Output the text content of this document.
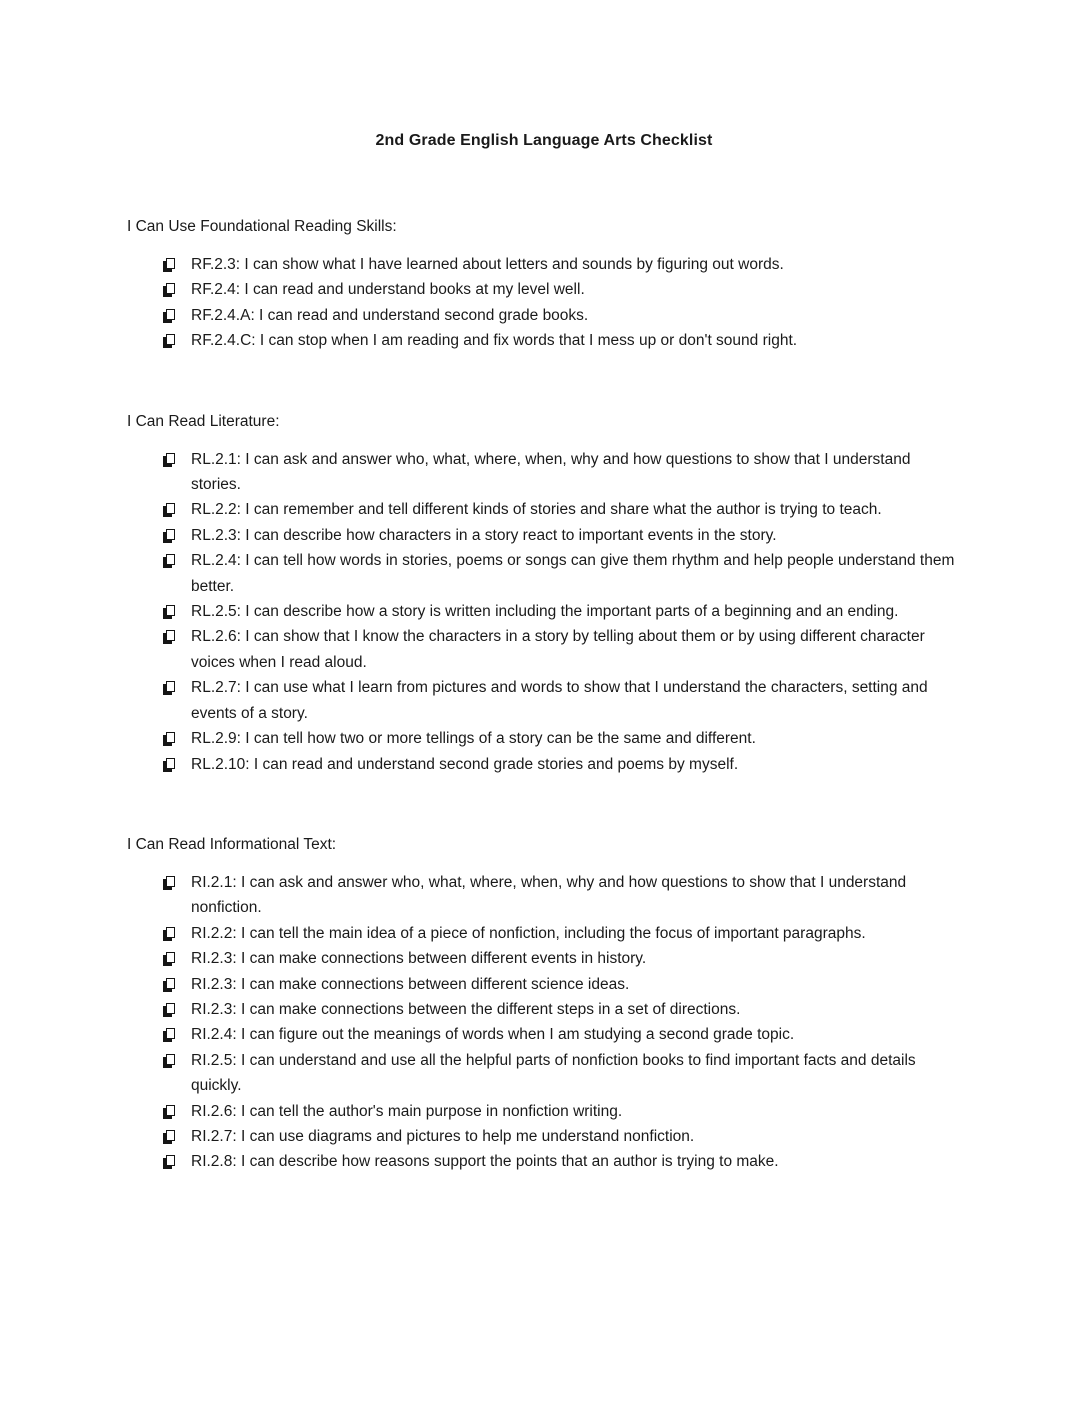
2nd Grade English Language Arts Checklist
I Can Use Foundational Reading Skills:
RF.2.3: I can show what I have learned about letters and sounds by figuring out words.
RF.2.4: I can read and understand books at my level well.
RF.2.4.A: I can read and understand second grade books.
RF.2.4.C: I can stop when I am reading and fix words that I mess up or don't sound right.
I Can Read Literature:
RL.2.1: I can ask and answer who, what, where, when, why and how questions to show that I understand stories.
RL.2.2: I can remember and tell different kinds of stories and share what the author is trying to teach.
RL.2.3: I can describe how characters in a story react to important events in the story.
RL.2.4: I can tell how words in stories, poems or songs can give them rhythm and help people understand them better.
RL.2.5: I can describe how a story is written including the important parts of a beginning and an ending.
RL.2.6: I can show that I know the characters in a story by telling about them or by using different character voices when I read aloud.
RL.2.7: I can use what I learn from pictures and words to show that I understand the characters, setting and events of a story.
RL.2.9: I can tell how two or more tellings of a story can be the same and different.
RL.2.10: I can read and understand second grade stories and poems by myself.
I Can Read Informational Text:
RI.2.1: I can ask and answer who, what, where, when, why and how questions to show that I understand nonfiction.
RI.2.2: I can tell the main idea of a piece of nonfiction, including the focus of important paragraphs.
RI.2.3: I can make connections between different events in history.
RI.2.3: I can make connections between different science ideas.
RI.2.3: I can make connections between the different steps in a set of directions.
RI.2.4: I can figure out the meanings of words when I am studying a second grade topic.
RI.2.5: I can understand and use all the helpful parts of nonfiction books to find important facts and details quickly.
RI.2.6: I can tell the author's main purpose in nonfiction writing.
RI.2.7: I can use diagrams and pictures to help me understand nonfiction.
RI.2.8: I can describe how reasons support the points that an author is trying to make.
